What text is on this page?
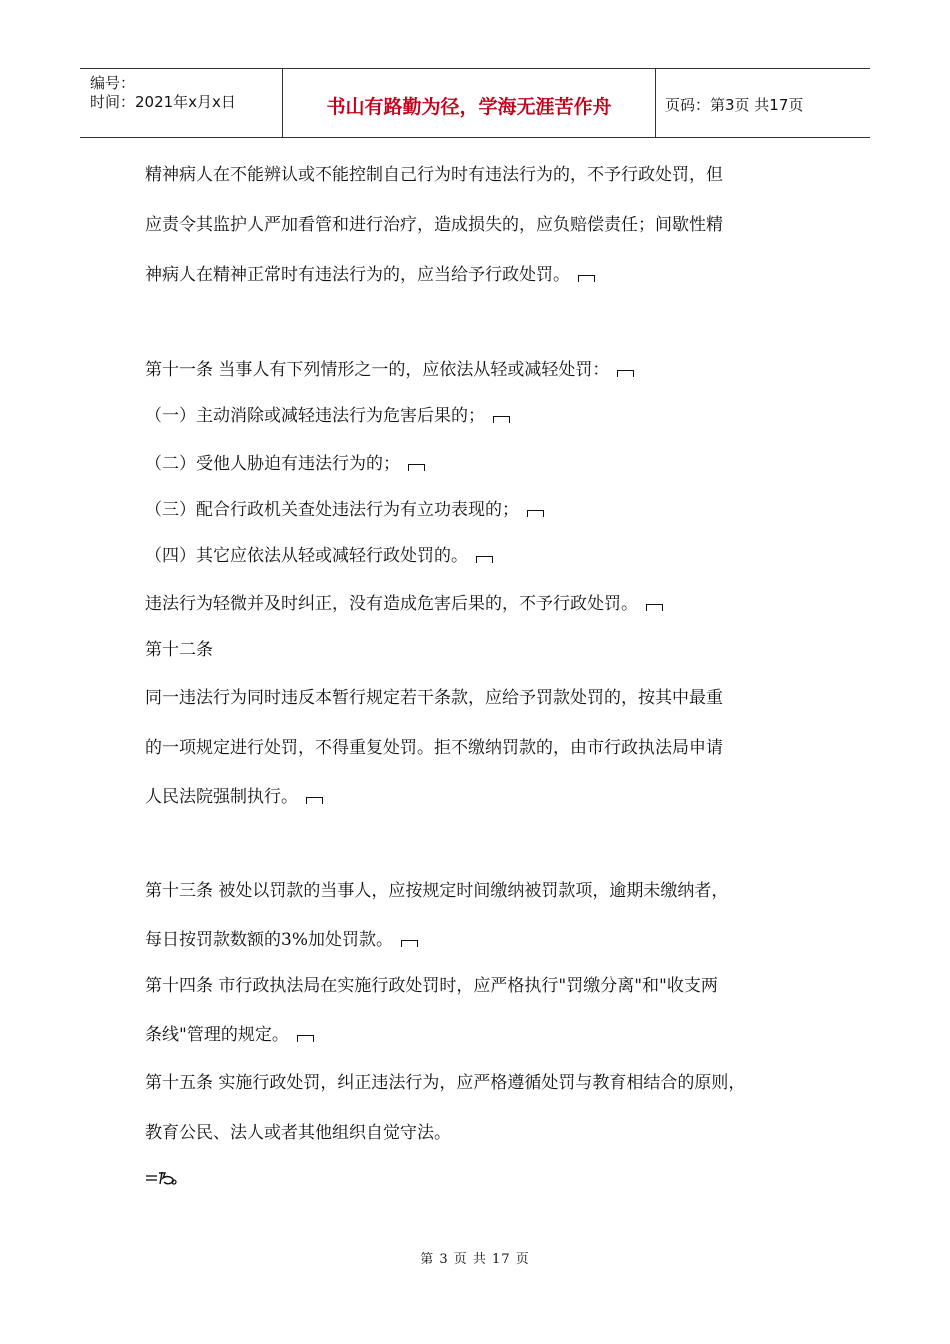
编号：
时间：2021年x月x日	书山有路勤为径，学海无涯苦作舟	页码：第3页 共17页
精神病人在不能辨认或不能控制自己行为时有违法行为的，不予行政处罚，但
应责令其监护人严加看管和进行治疗，造成损失的，应负赔偿责任；间歇性精
神病人在精神正常时有违法行为的，应当给予行政处罚。
第十一条 当事人有下列情形之一的，应依法从轻或减轻处罚：
（一）主动消除或减轻违法行为危害后果的；
（二）受他人胁迫有违法行为的；
（三）配合行政机关查处违法行为有立功表现的；
（四）其它应依法从轻或减轻行政处罚的。
违法行为轻微并及时纠正，没有造成危害后果的，不予行政处罚。
第十二条
同一违法行为同时违反本暂行规定若干条款，应给予罚款处罚的，按其中最重
的一项规定进行处罚，不得重复处罚。拒不缴纳罚款的，由市行政执法局申请
人民法院强制执行。
第十三条 被处以罚款的当事人，应按规定时间缴纳被罚款项，逾期未缴纳者，
每日按罚款数额的3%加处罚款。
第十四条 市行政执法局在实施行政处罚时，应严格执行"罚缴分离"和"收支两
条线"管理的规定。
第十五条 实施行政处罚，纠正违法行为，应严格遵循处罚与教育相结合的原则，
教育公民、法人或者其他组织自觉守法。
第 3 页 共 17 页
